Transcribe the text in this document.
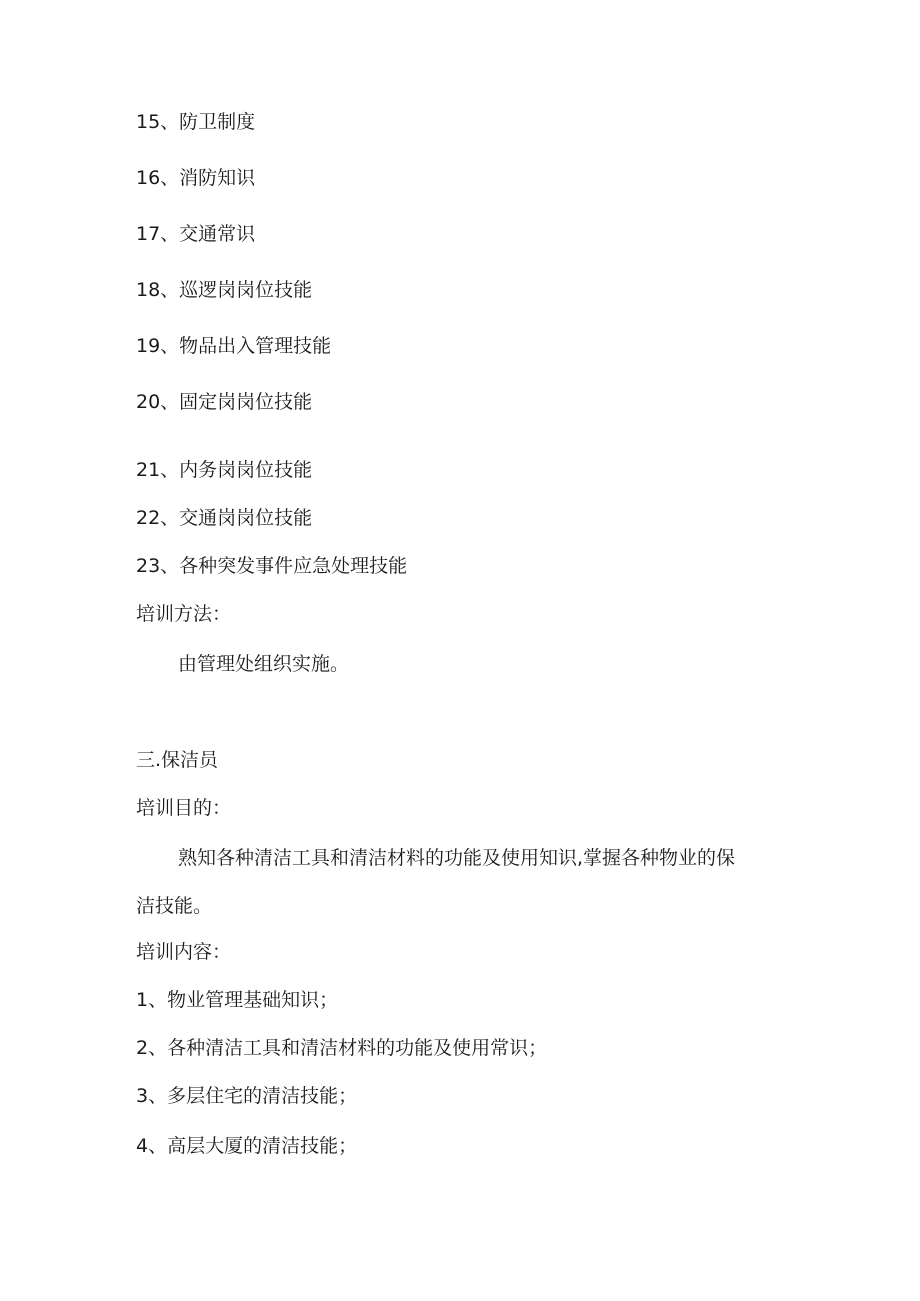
15、防卫制度
16、消防知识
17、交通常识
18、巡逻岗岗位技能
19、物品出入管理技能
20、固定岗岗位技能
21、内务岗岗位技能
22、交通岗岗位技能
23、各种突发事件应急处理技能
培训方法：
由管理处组织实施。
三.保洁员
培训目的：
熟知各种清洁工具和清洁材料的功能及使用知识,掌握各种物业的保
洁技能。
培训内容：
1、物业管理基础知识；
2、各种清洁工具和清洁材料的功能及使用常识；
3、多层住宅的清洁技能；
4、高层大厦的清洁技能；
